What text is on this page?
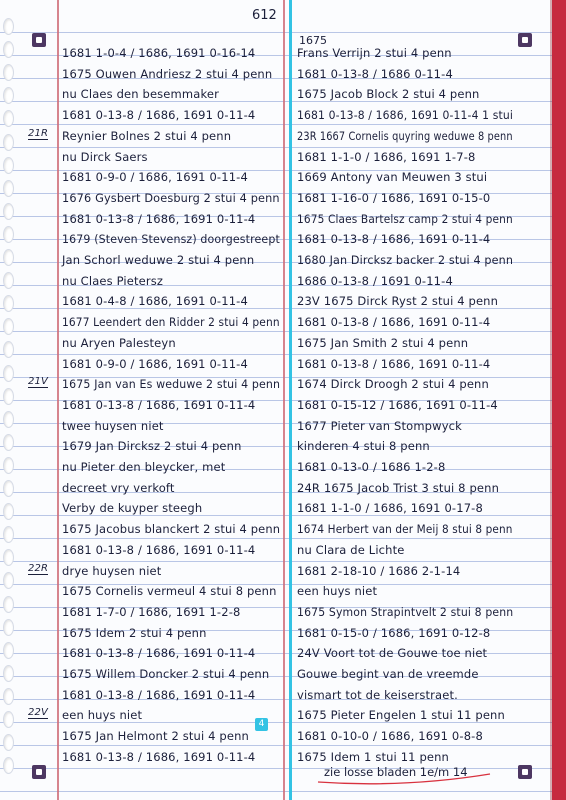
612
1675
1681 1-0-4 / 1686, 1691 0-16-14
1675 Ouwen Andriesz 2 stui 4 penn
nu Claes den besemmaker
1681 0-13-8 / 1686, 1691 0-11-4
Reynier Bolnes 2 stui 4 penn
21R
nu Dirck Saers
1681 0-9-0 / 1686, 1691 0-11-4
1676 Gysbert Doesburg 2 stui 4 penn
1681 0-13-8 / 1686, 1691 0-11-4
1679 (Steven Stevensz) doorgestreept
Jan Schorl weduwe 2 stui 4 penn
nu Claes Pietersz
1681 0-4-8 / 1686, 1691 0-11-4
1677 Leendert den Ridder 2 stui 4 penn
nu Aryen Palesteyn
1681 0-9-0 / 1686, 1691 0-11-4
1675 Jan van Es weduwe 2 stui 4 penn
21V
1681 0-13-8 / 1686, 1691 0-11-4
twee huysen niet
1679 Jan Dircksz 2 stui 4 penn
nu Pieter den bleycker, met
decreet vry verkoft
Verby de kuyper steegh
1675 Jacobus blanckert 2 stui 4 penn
1681 0-13-8 / 1686, 1691 0-11-4
drye huysen niet
22R
1675 Cornelis vermeul 4 stui 8 penn
1681 1-7-0 / 1686, 1691 1-2-8
1675 Idem 2 stui 4 penn
1681 0-13-8 / 1686, 1691 0-11-4
1675 Willem Doncker 2 stui 4 penn
1681 0-13-8 / 1686, 1691 0-11-4
een huys niet
22V
1675 Jan Helmont 2 stui 4 penn
1681 0-13-8 / 1686, 1691 0-11-4
Frans Verrijn 2 stui 4 penn
1681 0-13-8 / 1686 0-11-4
1675 Jacob Block 2 stui 4 penn
1681 0-13-8 / 1686, 1691 0-11-4 1 stui
23R 1667 Cornelis quyring weduwe 8 penn
1681 1-1-0 / 1686, 1691 1-7-8
1669 Antony van Meuwen 3 stui
1681 1-16-0 / 1686, 1691 0-15-0
1675 Claes Bartelsz camp 2 stui 4 penn
1681 0-13-8 / 1686, 1691 0-11-4
1680 Jan Dircksz backer 2 stui 4 penn
1686 0-13-8 / 1691 0-11-4
23V 1675 Dirck Ryst 2 stui 4 penn
1681 0-13-8 / 1686, 1691 0-11-4
1675 Jan Smith 2 stui 4 penn
1681 0-13-8 / 1686, 1691 0-11-4
1674 Dirck Droogh 2 stui 4 penn
1681 0-15-12 / 1686, 1691 0-11-4
1677 Pieter van Stompwyck
kinderen 4 stui 8 penn
1681 0-13-0 / 1686 1-2-8
24R 1675 Jacob Trist 3 stui 8 penn
1681 1-1-0 / 1686, 1691 0-17-8
1674 Herbert van der Meij 8 stui 8 penn
nu Clara de Lichte
1681 2-18-10 / 1686 2-1-14
een huys niet
1675 Symon Strapintvelt 2 stui 8 penn
1681 0-15-0 / 1686, 1691 0-12-8
24V Voort tot de Gouwe toe niet
Gouwe begint van de vreemde
vismart tot de keiserstraet.
1675 Pieter Engelen 1 stui 11 penn
1681 0-10-0 / 1686, 1691 0-8-8
1675 Idem 1 stui 11 penn
4
zie losse bladen 1e/m 14
